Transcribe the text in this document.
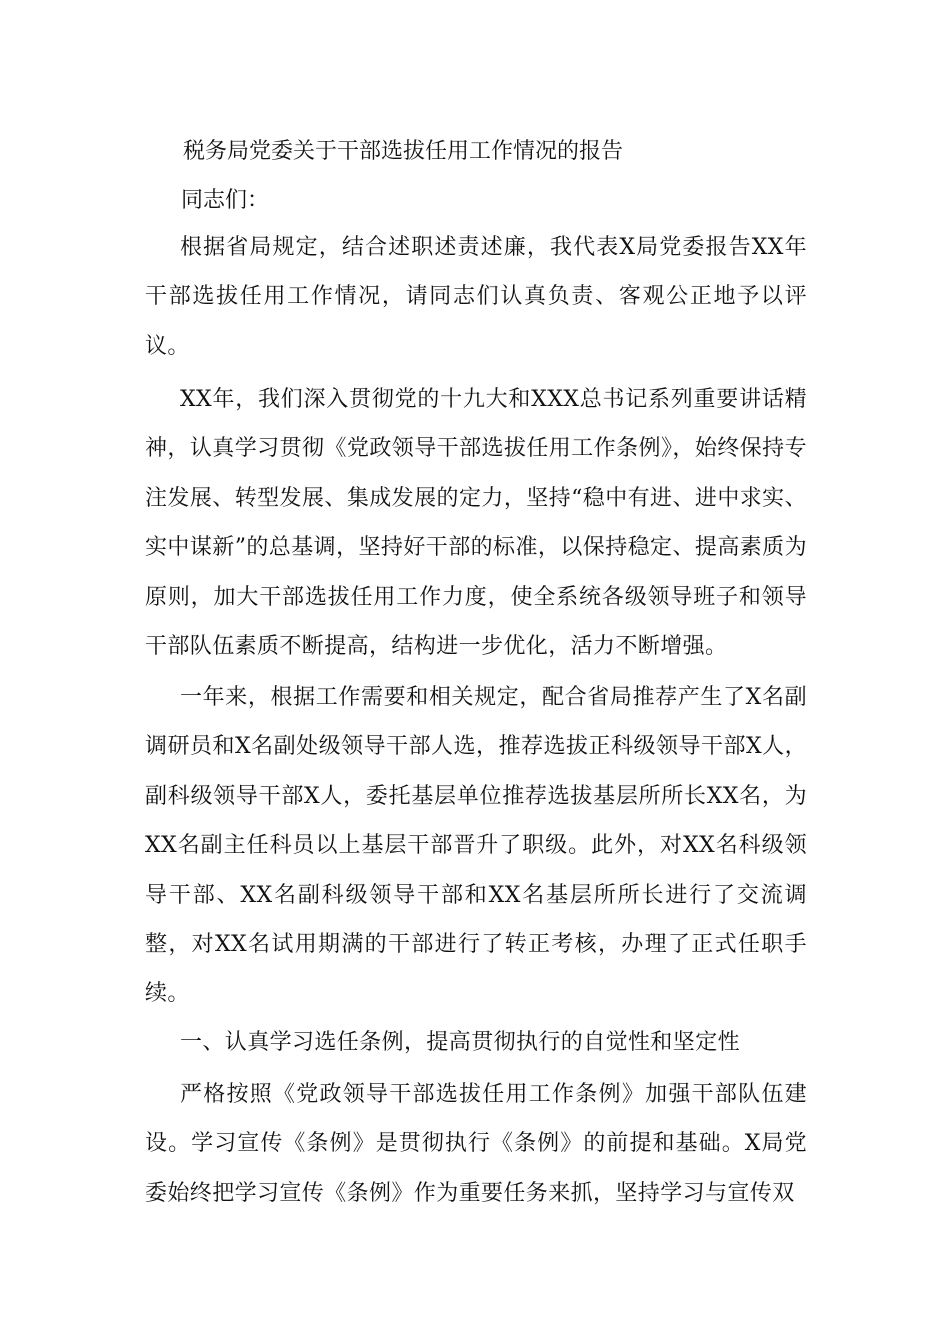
税务局党委关于干部选拔任用工作情况的报告

同志们：

根据省局规定，结合述职述责述廉，我代表X局党委报告XX年干部选拔任用工作情况，请同志们认真负责、客观公正地予以评议。

XX年，我们深入贯彻党的十九大和XXX总书记系列重要讲话精神，认真学习贯彻《党政领导干部选拔任用工作条例》，始终保持专注发展、转型发展、集成发展的定力，坚持“稳中有进、进中求实、实中谋新”的总基调，坚持好干部的标准，以保持稳定、提高素质为原则，加大干部选拔任用工作力度，使全系统各级领导班子和领导干部队伍素质不断提高，结构进一步优化，活力不断增强。

一年来，根据工作需要和相关规定，配合省局推荐产生了X名副调研员和X名副处级领导干部人选，推荐选拔正科级领导干部X人，副科级领导干部X人，委托基层单位推荐选拔基层所所长XX名，为XX名副主任科员以上基层干部晋升了职级。此外，对XX名科级领导干部、XX名副科级领导干部和XX名基层所所长进行了交流调整，对XX名试用期满的干部进行了转正考核，办理了正式任职手续。

一、认真学习选任条例，提高贯彻执行的自觉性和坚定性

严格按照《党政领导干部选拔任用工作条例》加强干部队伍建设。学习宣传《条例》是贯彻执行《条例》的前提和基础。X局党委始终把学习宣传《条例》作为重要任务来抓，坚持学习与宣传双
